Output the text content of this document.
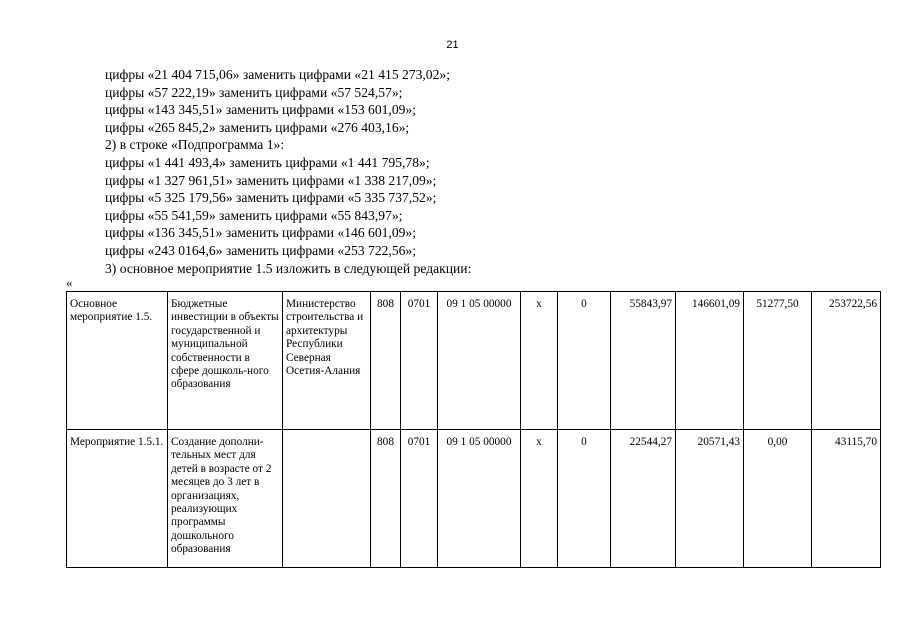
21
цифры «21 404 715,06» заменить цифрами «21 415 273,02»;
цифры «57 222,19» заменить цифрами «57 524,57»;
цифры «143 345,51» заменить цифрами «153 601,09»;
цифры «265 845,2» заменить цифрами «276 403,16»;
2) в строке «Подпрограмма 1»:
цифры «1 441 493,4» заменить цифрами «1 441 795,78»;
цифры «1 327 961,51» заменить цифрами «1 338 217,09»;
цифры «5 325 179,56» заменить цифрами «5 335 737,52»;
цифры «55 541,59» заменить цифрами «55 843,97»;
цифры «136 345,51» заменить цифрами «146 601,09»;
цифры «243 0164,6» заменить цифрами «253 722,56»;
3) основное мероприятие 1.5 изложить в следующей редакции:
«
Основное мероприятие 1.5.	Бюджетные инвестиции в объекты государственной и муниципальной собственности в сфере дошколь-ного образования	Министерство строительства и архитектуры Республики Северная Осетия-Алания	808	0701	09 1 05 00000	x	0	55843,97	146601,09	51277,50	253722,56
Мероприятие 1.5.1.	Создание дополни-тельных мест для детей в возрасте от 2 месяцев до 3 лет в организациях, реализующих программы дошкольного образования		808	0701	09 1 05 00000	x	0	22544,27	20571,43	0,00	43115,70
